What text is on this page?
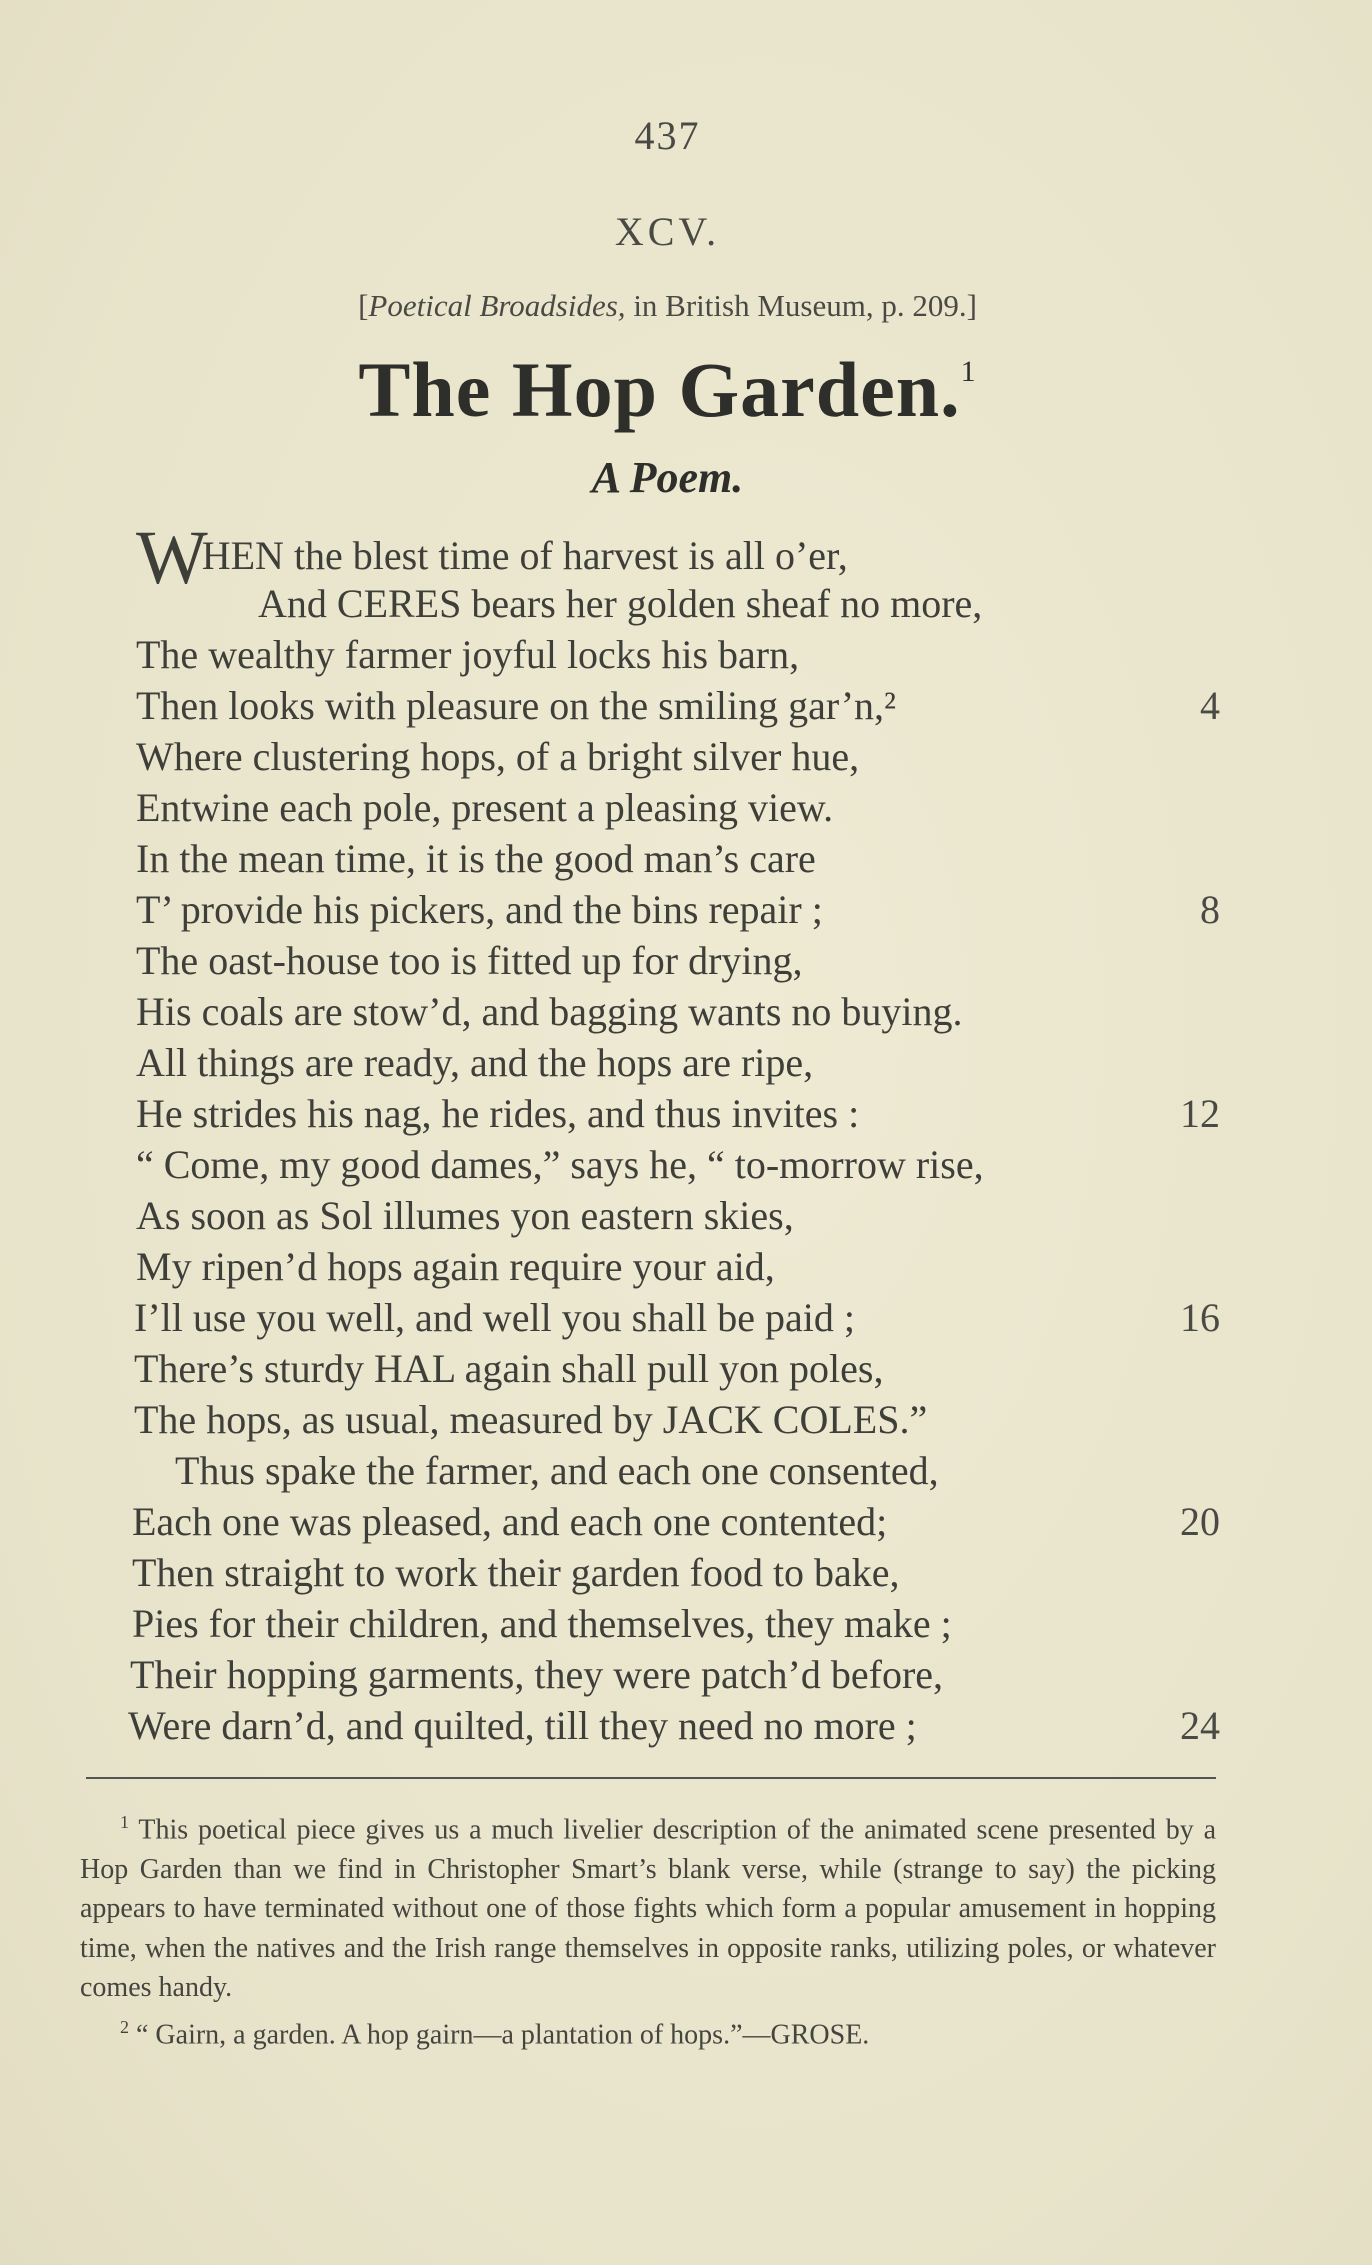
437
XCV.
[Poetical Broadsides, in British Museum, p. 209.]
The Hop Garden.$^1$
A Poem.
WHEN the blest time of harvest is all o’er,
And CERES bears her golden sheaf no more,
The wealthy farmer joyful locks his barn,
Then looks with pleasure on the smiling gar’n,²	4
Where clustering hops, of a bright silver hue,
Entwine each pole, present a pleasing view.
In the mean time, it is the good man’s care
T’ provide his pickers, and the bins repair ;	8
The oast-house too is fitted up for drying,
His coals are stow’d, and bagging wants no buying.
All things are ready, and the hops are ripe,
He strides his nag, he rides, and thus invites :	12
“ Come, my good dames,” says he, “ to-morrow rise,
As soon as Sol illumes yon eastern skies,
My ripen’d hops again require your aid,
I’ll use you well, and well you shall be paid ;	16
There’s sturdy HAL again shall pull yon poles,
The hops, as usual, measured by JACK COLES.”
Thus spake the farmer, and each one consented,
Each one was pleased, and each one contented;	20
Then straight to work their garden food to bake,
Pies for their children, and themselves, they make ;
Their hopping garments, they were patch’d before,
Were darn’d, and quilted, till they need no more ;	24

$^1$ This poetical piece gives us a much livelier description of the animated scene presented by a Hop Garden than we find in Christopher Smart’s blank verse, while (strange to say) the picking appears to have terminated without one of those fights which form a popular amusement in hopping time, when the natives and the Irish range themselves in opposite ranks, utilizing poles, or whatever comes handy.

$^2$ “ Gairn, a garden. A hop gairn—a plantation of hops.”—GROSE.
